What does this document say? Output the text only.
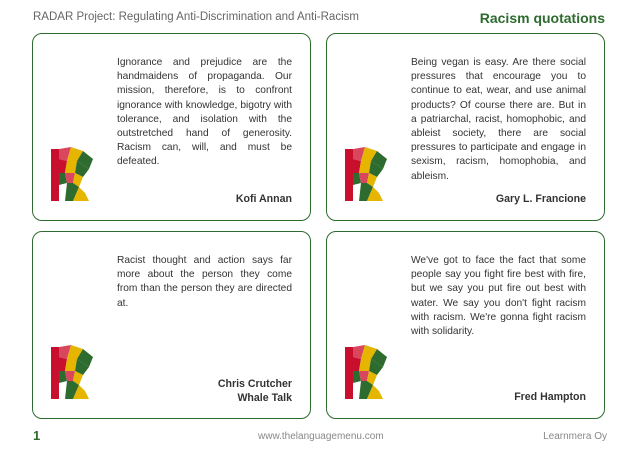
RADAR Project: Regulating Anti-Discrimination and Anti-Racism	Racism quotations
Ignorance and prejudice are the handmaidens of propaganda. Our mission, therefore, is to confront ignorance with knowledge, bigotry with tolerance, and isolation with the outstretched hand of generosity. Racism can, will, and must be defeated.
Kofi Annan
Being vegan is easy. Are there social pressures that encourage you to continue to eat, wear, and use animal products? Of course there are. But in a patriarchal, racist, homophobic, and ableist society, there are social pressures to participate and engage in sexism, racism, homophobia, and ableism.
Gary L. Francione
Racist thought and action says far more about the person they come from than the person they are directed at.
Chris Crutcher
Whale Talk
We've got to face the fact that some people say you fight fire best with fire, but we say you put fire out best with water. We say you don't fight racism with racism. We're gonna fight racism with solidarity.
Fred Hampton
1	www.thelanguagemenu.com	Learnmera Oy
